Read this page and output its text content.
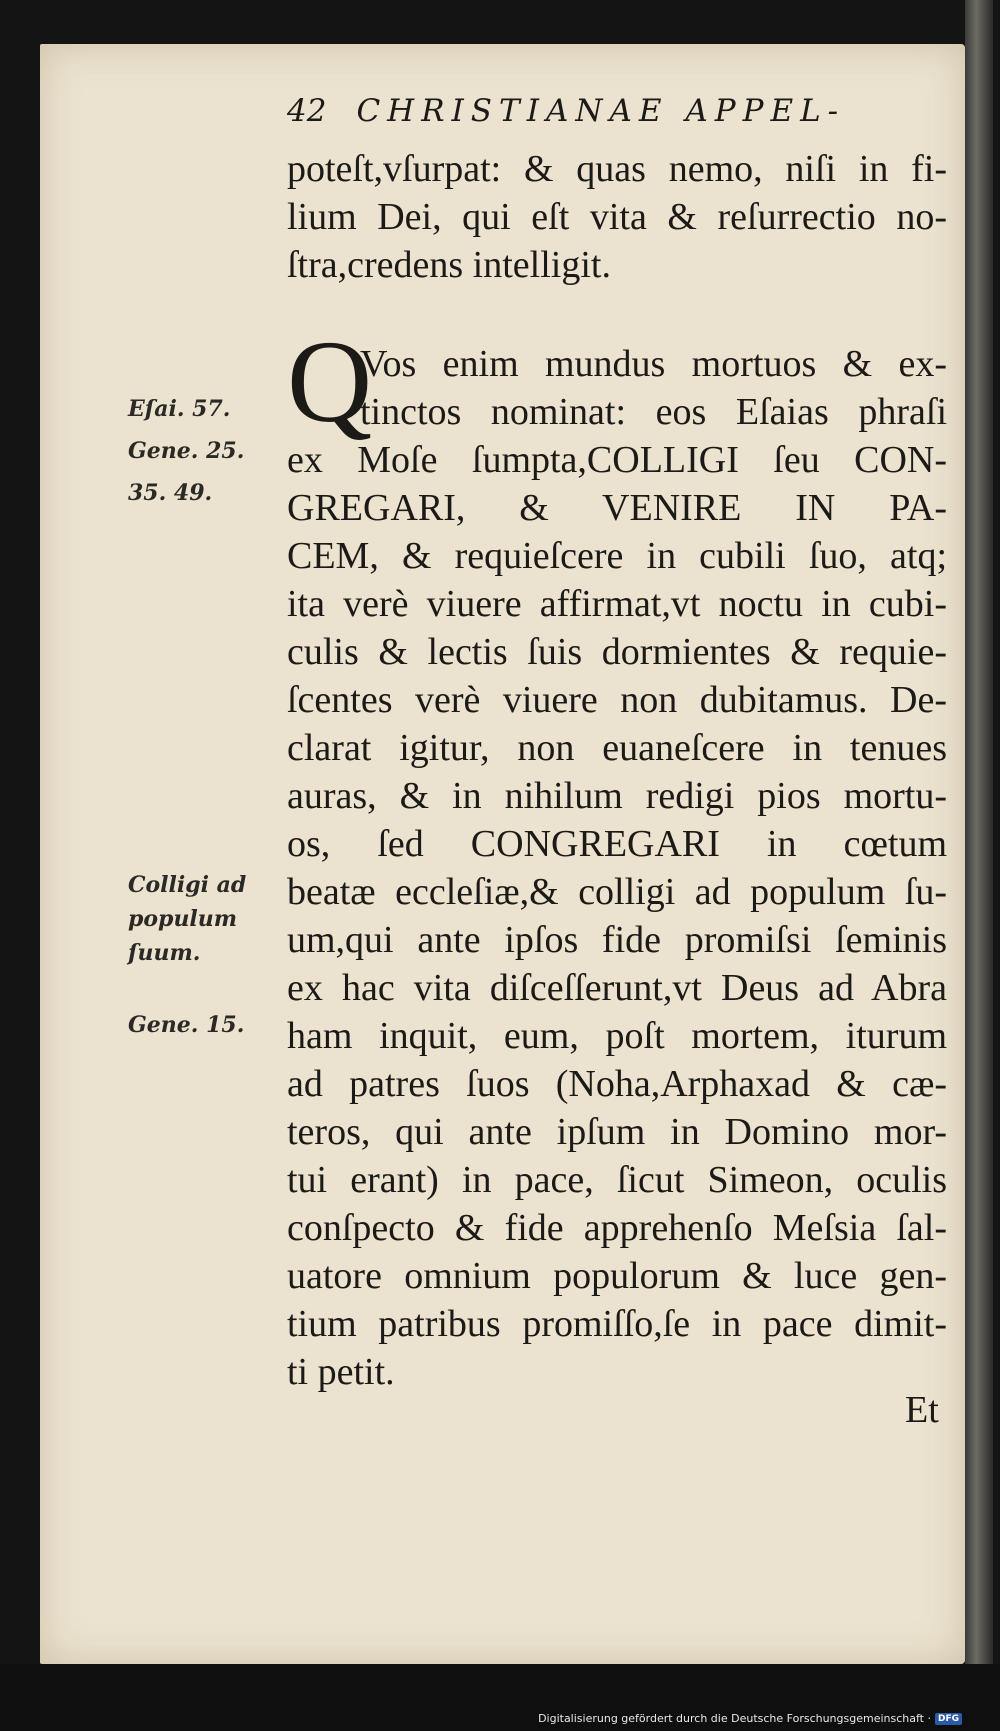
42 CHRISTIANAE APPEL-
poteſt,vſurpat: & quas nemo, niſi in fi-
lium Dei, qui eſt vita & reſurrectio no-
ſtra,credens intelligit.
Q
Vos enim mundus mortuos & ex-
tinctos nominat: eos Eſaias phraſi
ex Moſe ſumpta,COLLIGI ſeu CON-
GREGARI, & VENIRE IN PA-
CEM, & requieſcere in cubili ſuo, atq;
ita verè viuere affirmat,vt noctu in cubi-
culis & lectis ſuis dormientes & requie-
ſcentes verè viuere non dubitamus. De-
clarat igitur, non euaneſcere in tenues
auras, & in nihilum redigi pios mortu-
os, ſed CONGREGARI in cœtum
beatæ eccleſiæ,& colligi ad populum ſu-
um,qui ante ipſos fide promiſsi ſeminis
ex hac vita diſceſſerunt,vt Deus ad Abra
ham inquit, eum, poſt mortem, iturum
ad patres ſuos (Noha,Arphaxad & cæ-
teros, qui ante ipſum in Domino mor-
tui erant) in pace, ſicut Simeon, oculis
conſpecto & fide apprehenſo Meſsia ſal-
uatore omnium populorum & luce gen-
tium patribus promiſſo,ſe in pace dimit-
ti petit.
Eſai. 57.
Gene. 25.
35. 49.
Colligi ad
populum
ſuum.
Gene. 15.
Et
Digitalisierung gefördert durch die Deutsche Forschungsgemeinschaft · DFG
